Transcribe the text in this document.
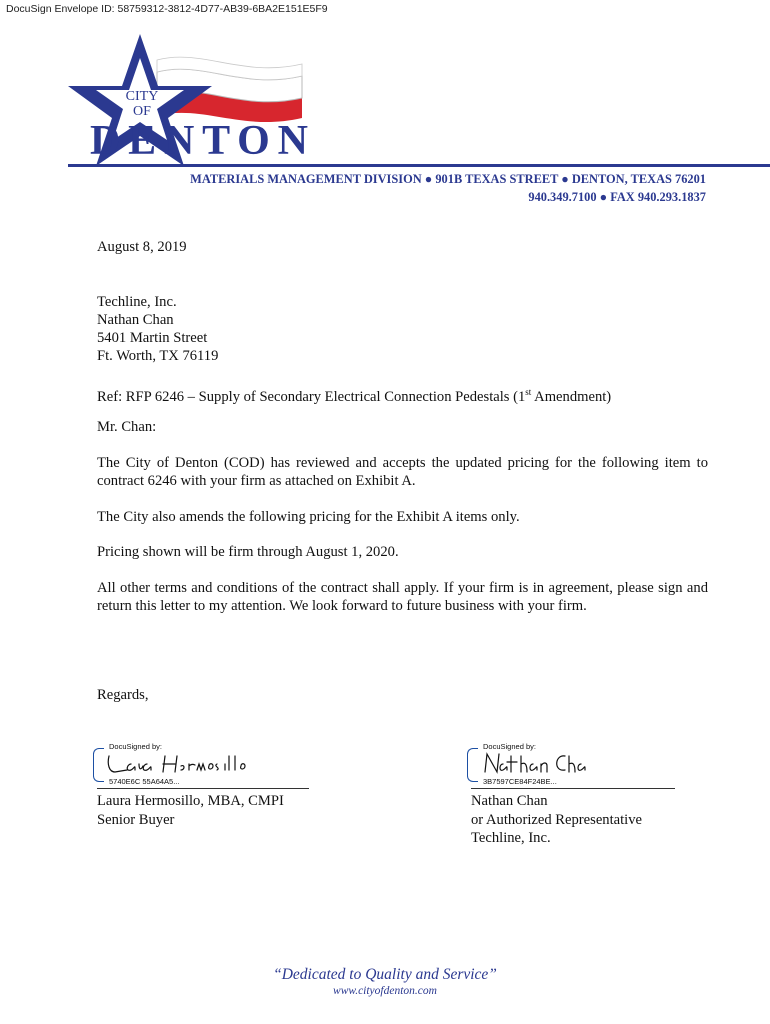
DocuSign Envelope ID: 58759312-3812-4D77-AB39-6BA2E151E5F9
CITY
OF
DENTON
MATERIALS MANAGEMENT DIVISION ● 901B TEXAS STREET ● DENTON, TEXAS 76201
940.349.7100 ● FAX 940.293.1837
August 8, 2019
Techline, Inc.
Nathan Chan
5401 Martin Street
Ft. Worth, TX 76119
Ref: RFP 6246 – Supply of Secondary Electrical Connection Pedestals (1st Amendment)
Mr. Chan:
The City of Denton (COD) has reviewed and accepts the updated pricing for the following item to contract 6246 with your firm as attached on Exhibit A.
The City also amends the following pricing for the Exhibit A items only.
Pricing shown will be firm through August 1, 2020.
All other terms and conditions of the contract shall apply. If your firm is in agreement, please sign and return this letter to my attention. We look forward to future business with your firm.
Regards,
DocuSigned by:
5740E6C 55A64A5...
Laura Hermosillo, MBA, CMPI
Senior Buyer
DocuSigned by:
3B7597CE84F24BE...
Nathan Chan
or Authorized Representative
Techline, Inc.
“Dedicated to Quality and Service”
www.cityofdenton.com
